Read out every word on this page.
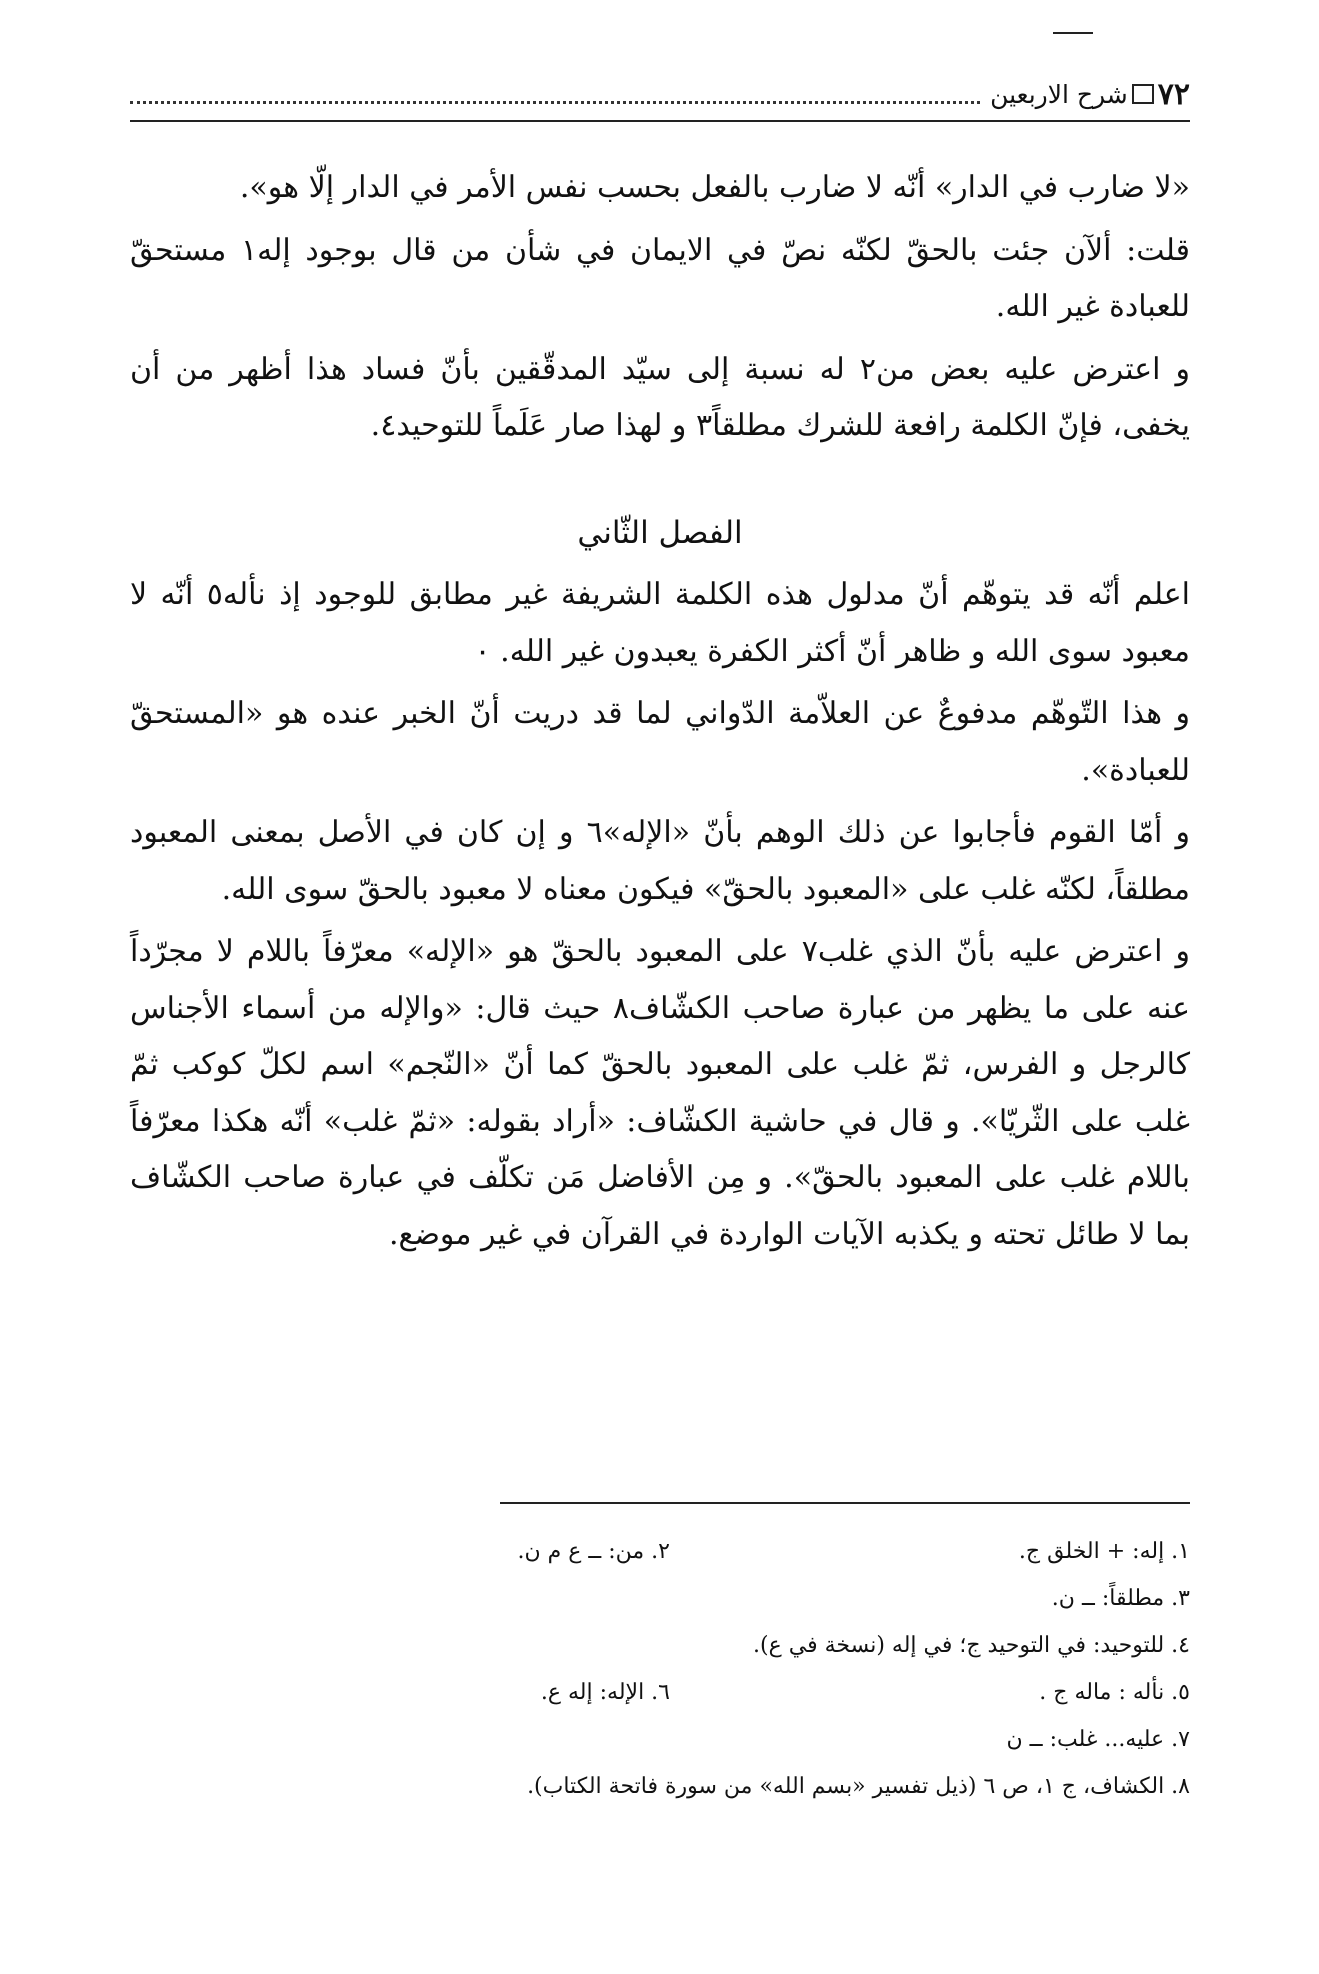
٧٢
شرح الاربعين

«لا ضارب في الدار» أنّه لا ضارب بالفعل بحسب نفس الأمر في الدار إلّا هو».

قلت: ألآن جئت بالحقّ لكنّه نصّ في الايمان في شأن من قال بوجود إله١ مستحقّ للعبادة غير الله.

و اعترض عليه بعض من٢ له نسبة إلى سيّد المدقّقين بأنّ فساد هذا أظهر من أن يخفى، فإنّ الكلمة رافعة للشرك مطلقاً٣ و لهذا صار عَلَماً للتوحيد٤.

الفصل الثّاني

اعلم أنّه قد يتوهّم أنّ مدلول هذه الكلمة الشريفة غير مطابق للوجود إذ نأله٥ أنّه لا معبود سوى الله و ظاهر أنّ أكثر الكفرة يعبدون غير الله. ٠

و هذا التّوهّم مدفوعٌ عن العلاّمة الدّواني لما قد دريت أنّ الخبر عنده هو «المستحقّ للعبادة».

و أمّا القوم فأجابوا عن ذلك الوهم بأنّ «الإله»٦ و إن كان في الأصل بمعنى المعبود مطلقاً، لكنّه غلب على «المعبود بالحقّ» فيكون معناه لا معبود بالحقّ سوى الله.

و اعترض عليه بأنّ الذي غلب٧ على المعبود بالحقّ هو «الإله» معرّفاً باللام لا مجرّداً عنه على ما يظهر من عبارة صاحب الكشّاف٨ حيث قال: «والإله من أسماء الأجناس كالرجل و الفرس، ثمّ غلب على المعبود بالحقّ كما أنّ «النّجم» اسم لكلّ كوكب ثمّ غلب على الثّريّا». و قال في حاشية الكشّاف: «أراد بقوله: «ثمّ غلب» أنّه هكذا معرّفاً باللام غلب على المعبود بالحقّ». و مِن الأفاضل مَن تكلّف في عبارة صاحب الكشّاف بما لا طائل تحته و يكذبه الآيات الواردة في القرآن في غير موضع.

١. إله: + الخلق ج.
٢. من: ــ ع م ن.
٣. مطلقاً: ــ ن.
٤. للتوحيد: في التوحيد ج؛ في إله (نسخة في ع).
٥. نأله : ماله ج .
٦. الإله: إله ع.
٧. عليه... غلب: ــ ن
٨. الكشاف، ج ١، ص ٦ (ذيل تفسير «بسم الله» من سورة فاتحة الكتاب).
